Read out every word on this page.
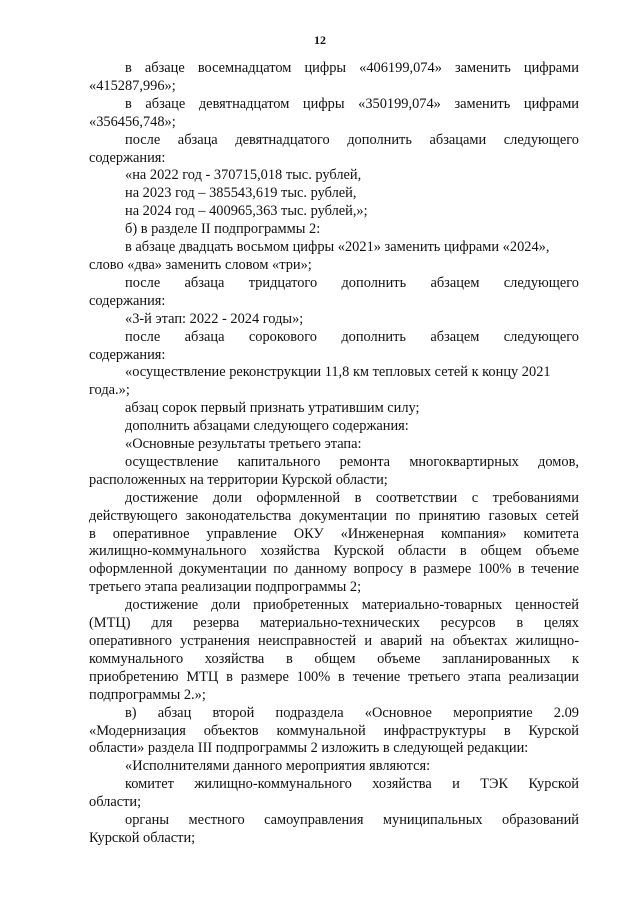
12
в абзаце восемнадцатом цифры «406199,074» заменить цифрами
«415287,996»;
в абзаце девятнадцатом цифры «350199,074» заменить цифрами
«356456,748»;
после абзаца девятнадцатого дополнить абзацами следующего
содержания:
«на 2022 год - 370715,018 тыс. рублей,
на 2023 год – 385543,619 тыс. рублей,
на 2024 год – 400965,363 тыс. рублей,»;
б) в разделе II подпрограммы 2:
в абзаце двадцать восьмом цифры «2021» заменить цифрами «2024»,
слово «два» заменить словом «три»;
после абзаца тридцатого дополнить абзацем следующего
содержания:
«3-й этап: 2022 - 2024 годы»;
после абзаца сорокового дополнить абзацем следующего
содержания:
«осуществление реконструкции 11,8 км тепловых сетей к концу 2021
года.»;
абзац сорок первый признать утратившим силу;
дополнить абзацами следующего содержания:
«Основные результаты третьего этапа:
осуществление капитального ремонта многоквартирных домов,
расположенных на территории Курской области;
достижение доли оформленной в соответствии с требованиями
действующего законодательства документации по принятию газовых сетей
в оперативное управление ОКУ «Инженерная компания» комитета
жилищно-коммунального хозяйства Курской области в общем объеме
оформленной документации по данному вопросу в размере 100% в течение
третьего этапа реализации подпрограммы 2;
достижение доли приобретенных материально-товарных ценностей
(МТЦ) для резерва материально-технических ресурсов в целях
оперативного устранения неисправностей и аварий на объектах жилищно-
коммунального хозяйства в общем объеме запланированных к
приобретению МТЦ в размере 100% в течение третьего этапа реализации
подпрограммы 2.»;
в) абзац второй подраздела «Основное мероприятие 2.09
«Модернизация объектов коммунальной инфраструктуры в Курской
области» раздела III подпрограммы 2 изложить в следующей редакции:
«Исполнителями данного мероприятия являются:
комитет жилищно-коммунального хозяйства и ТЭК Курской
области;
органы местного самоуправления муниципальных образований
Курской области;
